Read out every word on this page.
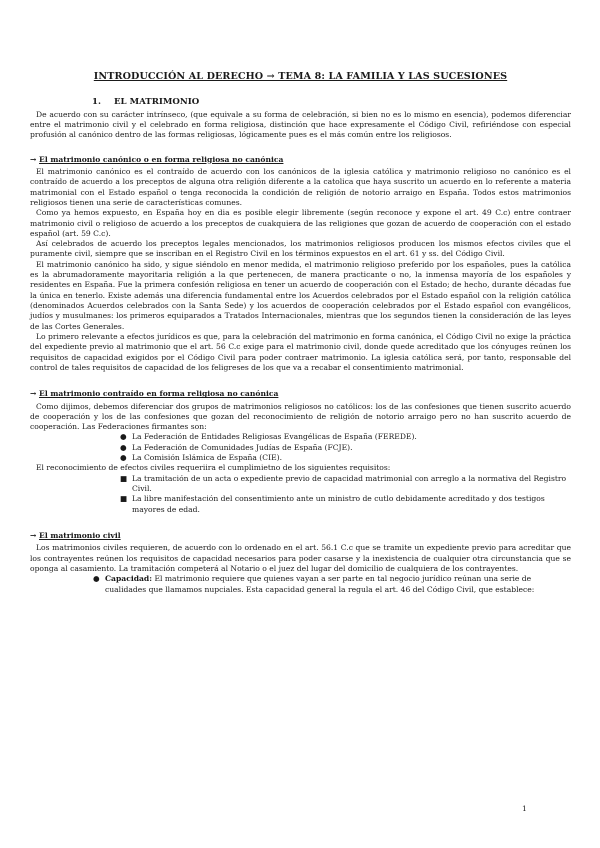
INTRODUCCIÓN AL DERECHO → TEMA 8: LA FAMILIA Y LAS SUCESIONES
1. EL MATRIMONIO

De acuerdo con su carácter intrínseco, (que equivale a su forma de celebración, si bien no es lo mismo en esencia), podemos diferenciar entre el matrimonio civil y el celebrado en forma religiosa, distinción que hace expresamente el Código Civil, refiriéndose con especial profusión al canónico dentro de las formas religiosas, lógicamente pues es el más común entre los religiosos.

→ El matrimonio canónico o en forma religiosa no canónica

El matrimonio canónico es el contraído de acuerdo con los canónicos de la iglesia católica y matrimonio religioso no canónico es el contraído de acuerdo a los preceptos de alguna otra religión diferente a la catolica que haya suscrito un acuerdo en lo referente a materia matrimonial con el Estado español o tenga reconocida la condición de religión de notorio arraigo en España. Todos estos matrimonios religiosos tienen una serie de características comunes.

Como ya hemos expuesto, en España hoy en dia es posible elegir libremente (según reconoce y expone el art. 49 C.c) entre contraer matrimonio civil o religioso de acuerdo a los preceptos de cuakquiera de las religiones que gozan de acuerdo de cooperación con el estado español (art. 59 C.c).

Así celebrados de acuerdo los preceptos legales mencionados, los matrimonios religiosos producen los mismos efectos civiles que el puramente civil, siempre que se inscriban en el Registro Civil en los términos expuestos en el art. 61 y ss. del Código Civil.

El matrimonio canónico ha sido, y sigue siéndolo en menor medida, el matrimonio religioso preferido por los españoles, pues la católica es la abrumadoramente mayoritaria religión a la que pertenecen, de manera practicante o no, la inmensa mayoría de los españoles y residentes en España. Fue la primera confesión religiosa en tener un acuerdo de cooperación con el Estado; de hecho, durante décadas fue la única en tenerlo. Existe además una diferencia fundamental entre los Acuerdos celebrados por el Estado español con la religión católica (denominados Acuerdos celebrados con la Santa Sede) y los acuerdos de cooperación celebrados por el Estado español con evangélicos, judíos y musulmanes: los primeros equiparados a Tratados Internacionales, mientras que los segundos tienen la consideración de las leyes de las Cortes Generales.

Lo primero relevante a efectos jurídicos es que, para la celebración del matrimonio en forma canónica, el Código Civil no exige la práctica del expediente previo al matrimonio que el art. 56 C.c exige para el matrimonio civil, donde quede acreditado que los cónyuges reúnen los requisitos de capacidad exigidos por el Código Civil para poder contraer matrimonio. La iglesia católica será, por tanto, responsable del control de tales requisitos de capacidad de los feligreses de los que va a recabar el consentimiento matrimonial.

→ El matrimonio contraído en forma religiosa no canónica

Como dijimos, debemos diferenciar dos grupos de matrimonios religiosos no católicos: los de las confesiones que tienen suscrito acuerdo de cooperación y los de las confesiones que gozan del reconocimiento de religión de notorio arraigo pero no han suscrito acuerdo de cooperación. Las Federaciones firmantes son:

● La Federación de Entidades Religiosas Evangélicas de España (FEREDE).
● La Federación de Comunidades Judías de España (FCJE).
● La Comisión Islámica de España (CIE).

El reconocimiento de efectos civiles requeriira el cumplimietno de los siguientes requisitos:

■ La tramitación de un acta o expediente previo de capacidad matrimonial con arreglo a la normativa del Registro Civil.
■ La libre manifestación del consentimiento ante un ministro de cutlo debidamente acreditado y dos testigos mayores de edad.
→ El matrimonio civil

Los matrimonios civiles requieren, de acuerdo con lo ordenado en el art. 56.1 C.c que se tramite un expediente previo para acreditar que los contrayentes reúnen los requisitos de capacidad necesarios para poder casarse y la inexistencia de cualquier otra circunstancia que se oponga al casamiento. La tramitación competerá al Notario o el juez del lugar del domicilio de cualquiera de los contrayentes.

● Capacidad: El matrimonio requiere que quienes vayan a ser parte en tal negocio jurídico reúnan una serie de cualidades que llamamos nupciales. Esta capacidad general la regula el art. 46 del Código Civil, que establece:
1
